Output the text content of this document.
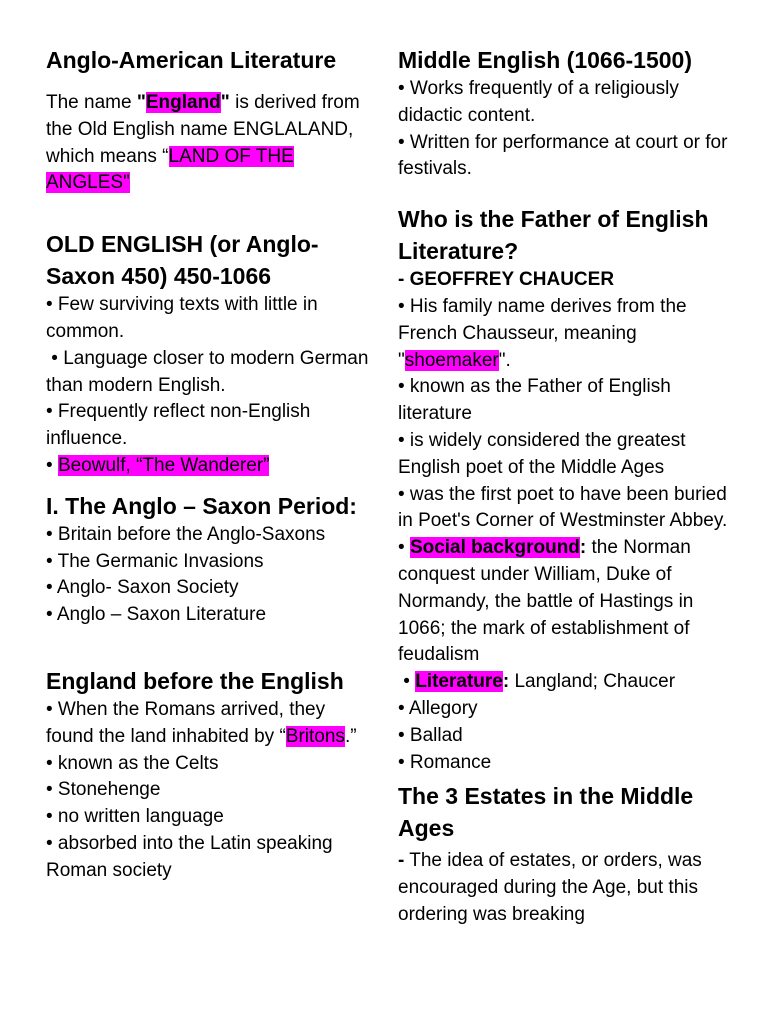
Anglo-American Literature

The name "England" is derived from the Old English name ENGLALAND, which means “LAND OF THE ANGLES"

OLD ENGLISH (or Anglo-Saxon 450) 450-1066

• Few surviving texts with little in common.

• Language closer to modern German than modern English.

• Frequently reflect non-English influence.

• Beowulf, “The Wanderer”

I. The Anglo – Saxon Period:

• Britain before the Anglo-Saxons

• The Germanic Invasions

• Anglo- Saxon Society

• Anglo – Saxon Literature

England before the English

• When the Romans arrived, they found the land inhabited by “Britons.”

• known as the Celts

• Stonehenge

• no written language

• absorbed into the Latin speaking Roman society

Middle English (1066-1500)

• Works frequently of a religiously didactic content.

• Written for performance at court or for festivals.

Who is the Father of English Literature?

- GEOFFREY CHAUCER

• His family name derives from the French Chausseur, meaning "shoemaker".

• known as the Father of English literature

• is widely considered the greatest English poet of the Middle Ages

• was the first poet to have been buried in Poet's Corner of Westminster Abbey.

• Social background: the Norman conquest under William, Duke of Normandy, the battle of Hastings in 1066; the mark of establishment of feudalism

• Literature: Langland; Chaucer

• Allegory

• Ballad

• Romance

The 3 Estates in the Middle Ages

- The idea of estates, or orders, was encouraged during the Age, but this ordering was breaking
